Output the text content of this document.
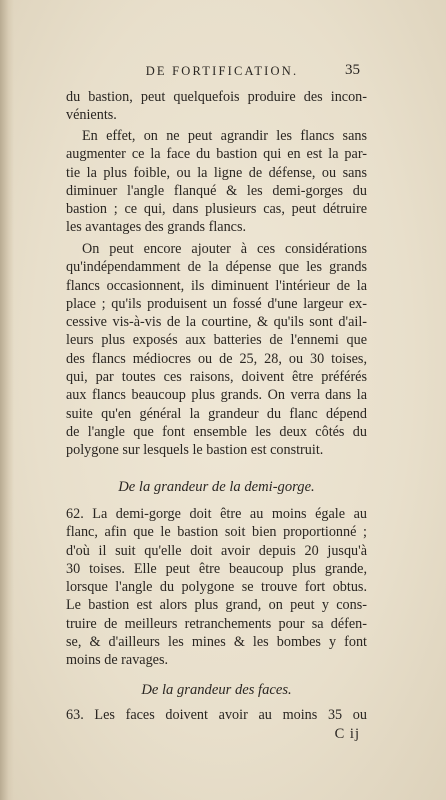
DE FORTIFICATION.	35
du bastion, peut quelquefois produire des incon-
vénients.
En effet, on ne peut agrandir les flancs sans
augmenter ce la face du bastion qui en est la par-
tie la plus foible, ou la ligne de défense, ou sans
diminuer l'angle flanqué & les demi-gorges du
bastion ; ce qui, dans plusieurs cas, peut détruire
les avantages des grands flancs.
On peut encore ajouter à ces considérations
qu'indépendamment de la dépense que les grands
flancs occasionnent, ils diminuent l'intérieur de la
place ; qu'ils produisent un fossé d'une largeur ex-
cessive vis-à-vis de la courtine, & qu'ils sont d'ail-
leurs plus exposés aux batteries de l'ennemi que
des flancs médiocres ou de 25, 28, ou 30 toises,
qui, par toutes ces raisons, doivent être préférés
aux flancs beaucoup plus grands. On verra dans la
suite qu'en général la grandeur du flanc dépend
de l'angle que font ensemble les deux côtés du
polygone sur lesquels le bastion est construit.
De la grandeur de la demi-gorge.
62. La demi-gorge doit être au moins égale au
flanc, afin que le bastion soit bien proportionné ;
d'où il suit qu'elle doit avoir depuis 20 jusqu'à
30 toises. Elle peut être beaucoup plus grande,
lorsque l'angle du polygone se trouve fort obtus.
Le bastion est alors plus grand, on peut y cons-
truire de meilleurs retranchements pour sa défen-
se, & d'ailleurs les mines & les bombes y font
moins de ravages.
De la grandeur des faces.
63. Les faces doivent avoir au moins 35 ou
C ij
